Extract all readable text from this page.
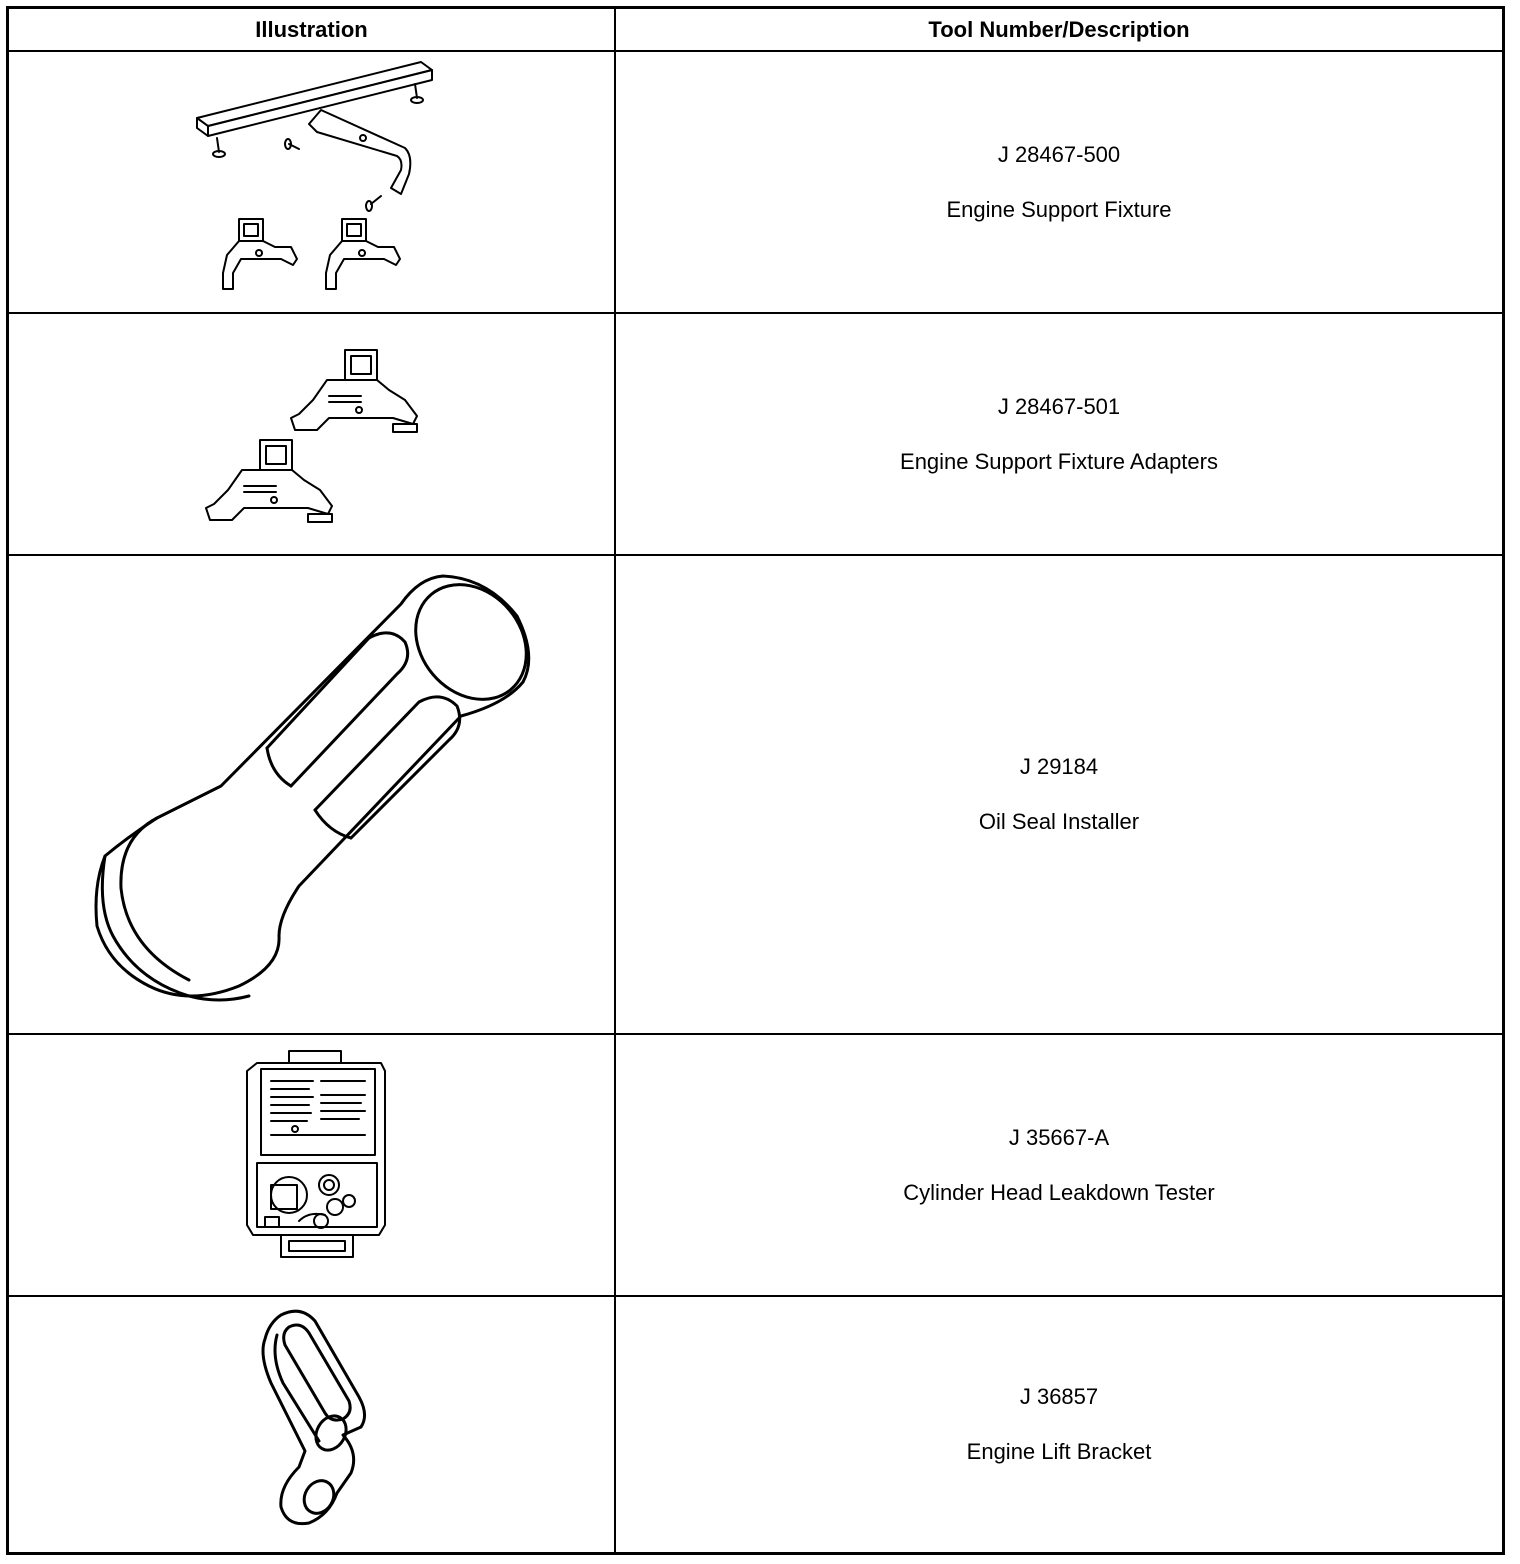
Illustration	Tool Number/Description
J 28467-500
Engine Support Fixture
J 28467-501
Engine Support Fixture Adapters
J 29184
Oil Seal Installer
J 35667-A
Cylinder Head Leakdown Tester
J 36857
Engine Lift Bracket
